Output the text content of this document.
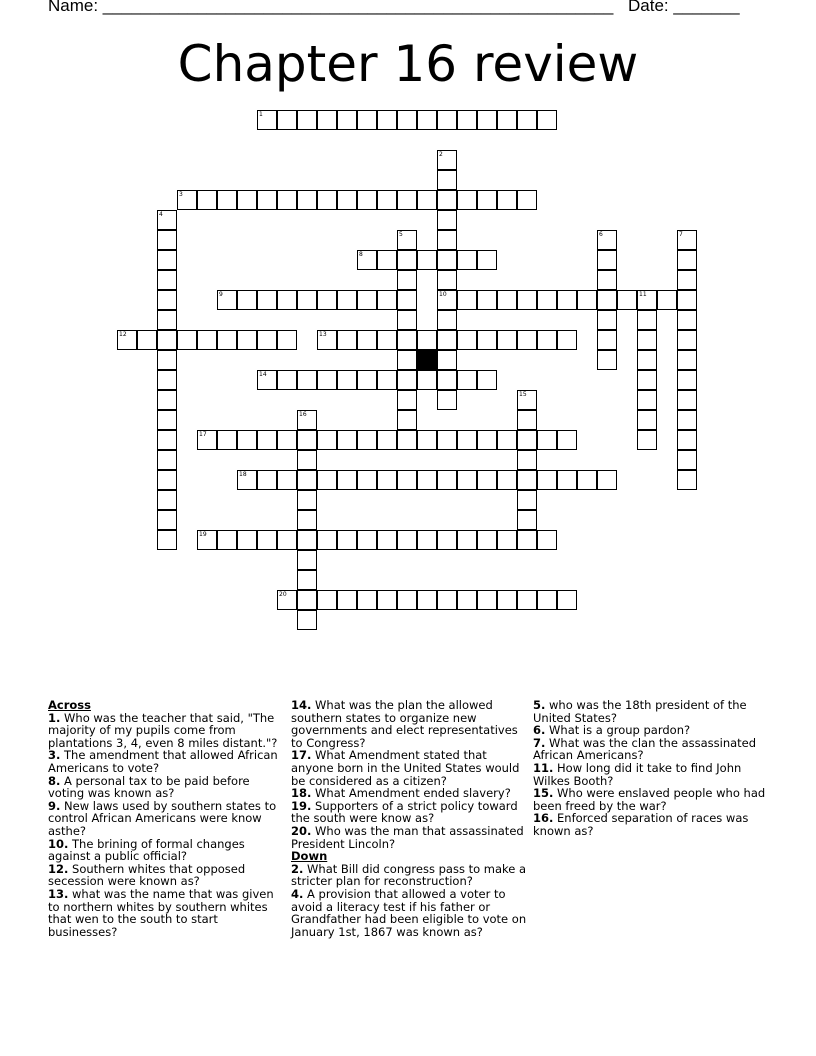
Name: ______________________________________________________ Date: _______
Chapter 16 review
1
3
8
9	10	11
12	13
14
17
18
19
20
2
4
5	6	7
15
16
Across
1. Who was the teacher that said, "The majority of my pupils come from plantations 3, 4, even 8 miles distant."?
3. The amendment that allowed African Americans to vote?
8. A personal tax to be paid before voting was known as?
9. New laws used by southern states to control African Americans were know asthe?
10. The brining of formal changes against a public official?
12. Southern whites that opposed secession were known as?
13. what was the name that was given to northern whites by southern whites that wen to the south to start businesses?
14. What was the plan the allowed southern states to organize new governments and elect representatives to Congress?
17. What Amendment stated that anyone born in the United States would be considered as a citizen?
18. What Amendment ended slavery?
19. Supporters of a strict policy toward the south were know as?
20. Who was the man that assassinated President Lincoln?
Down
2. What Bill did congress pass to make a stricter plan for reconstruction?
4. A provision that allowed a voter to avoid a literacy test if his father or Grandfather had been eligible to vote on January 1st, 1867 was known as?
5. who was the 18th president of the United States?
6. What is a group pardon?
7. What was the clan the assassinated African Americans?
11. How long did it take to find John Wilkes Booth?
15. Who were enslaved people who had been freed by the war?
16. Enforced separation of races was known as?
